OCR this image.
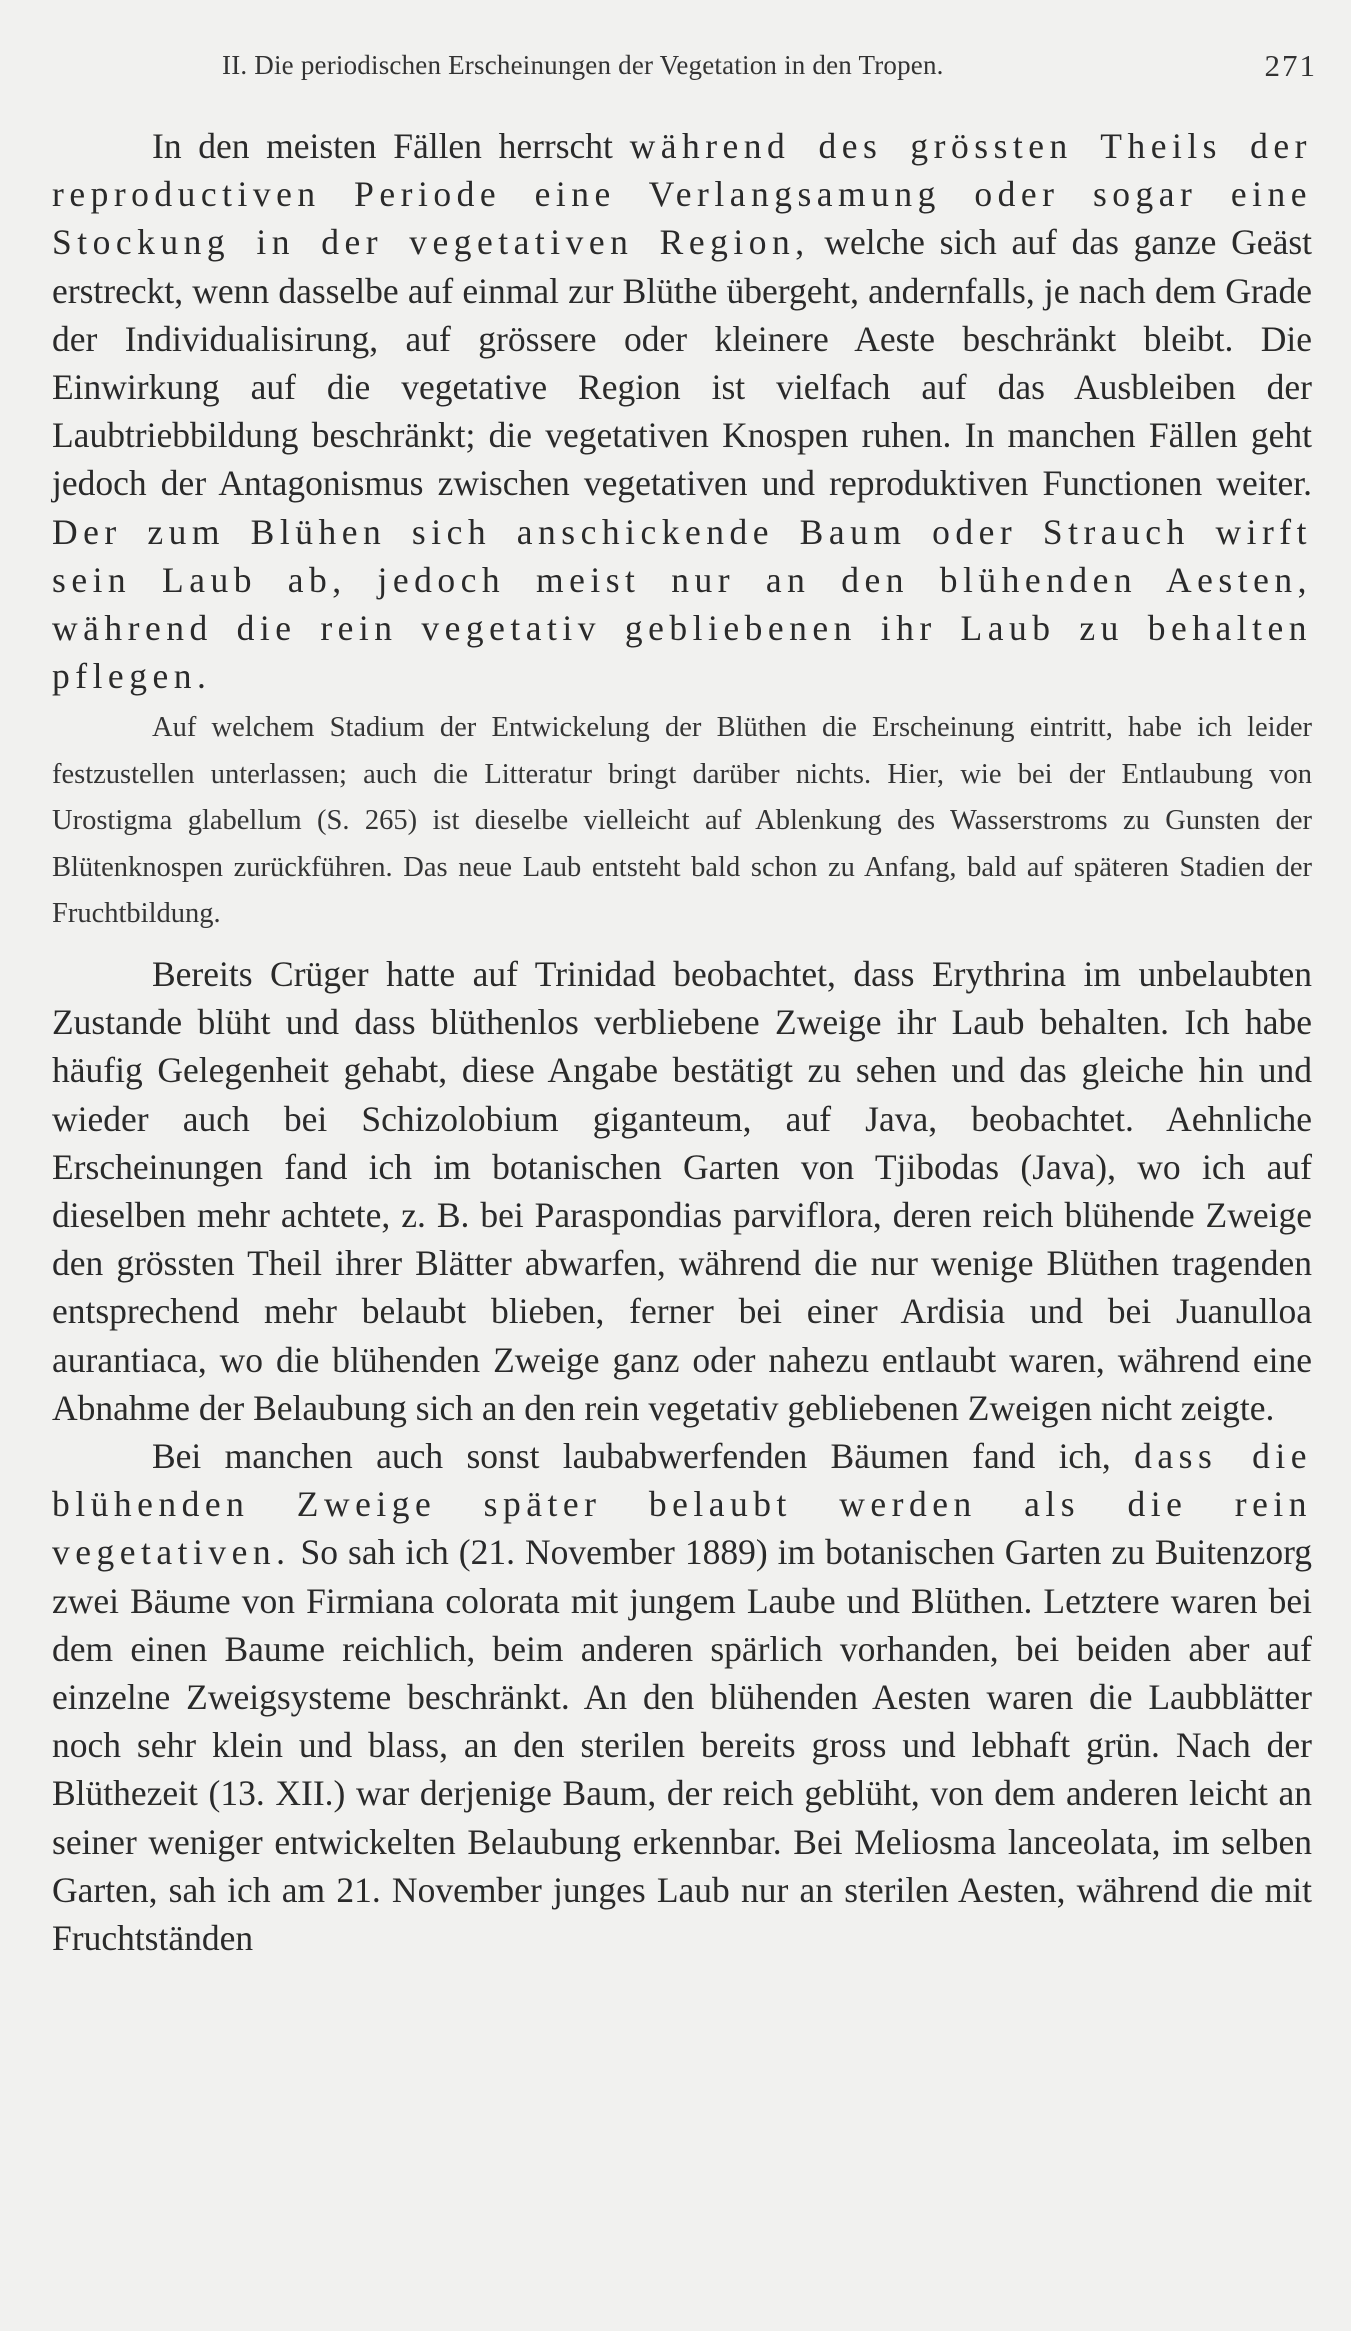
II. Die periodischen Erscheinungen der Vegetation in den Tropen.	271

In den meisten Fällen herrscht während des grössten Theils der reproductiven Periode eine Verlangsamung oder sogar eine Stockung in der vegetativen Region, welche sich auf das ganze Geäst erstreckt, wenn dasselbe auf einmal zur Blüthe übergeht, andernfalls, je nach dem Grade der Individualisirung, auf grössere oder kleinere Aeste beschränkt bleibt. Die Einwirkung auf die vegetative Region ist vielfach auf das Ausbleiben der Laubtriebbildung beschränkt; die vegetativen Knospen ruhen. In manchen Fällen geht jedoch der Antagonismus zwischen vegetativen und reproduktiven Functionen weiter. Der zum Blühen sich anschickende Baum oder Strauch wirft sein Laub ab, jedoch meist nur an den blühenden Aesten, während die rein vegetativ gebliebenen ihr Laub zu behalten pflegen.

Auf welchem Stadium der Entwickelung der Blüthen die Erscheinung eintritt, habe ich leider festzustellen unterlassen; auch die Litteratur bringt darüber nichts. Hier, wie bei der Entlaubung von Urostigma glabellum (S. 265) ist dieselbe vielleicht auf Ablenkung des Wasserstroms zu Gunsten der Blütenknospen zurückführen. Das neue Laub entsteht bald schon zu Anfang, bald auf späteren Stadien der Fruchtbildung.

Bereits Crüger hatte auf Trinidad beobachtet, dass Erythrina im unbelaubten Zustande blüht und dass blüthenlos verbliebene Zweige ihr Laub behalten. Ich habe häufig Gelegenheit gehabt, diese Angabe bestätigt zu sehen und das gleiche hin und wieder auch bei Schizolobium giganteum, auf Java, beobachtet. Aehnliche Erscheinungen fand ich im botanischen Garten von Tjibodas (Java), wo ich auf dieselben mehr achtete, z. B. bei Paraspondias parviflora, deren reich blühende Zweige den grössten Theil ihrer Blätter abwarfen, während die nur wenige Blüthen tragenden entsprechend mehr belaubt blieben, ferner bei einer Ardisia und bei Juanulloa aurantiaca, wo die blühenden Zweige ganz oder nahezu entlaubt waren, während eine Abnahme der Belaubung sich an den rein vegetativ gebliebenen Zweigen nicht zeigte.

Bei manchen auch sonst laubabwerfenden Bäumen fand ich, dass die blühenden Zweige später belaubt werden als die rein vegetativen. So sah ich (21. November 1889) im botanischen Garten zu Buitenzorg zwei Bäume von Firmiana colorata mit jungem Laube und Blüthen. Letztere waren bei dem einen Baume reichlich, beim anderen spärlich vorhanden, bei beiden aber auf einzelne Zweigsysteme beschränkt. An den blühenden Aesten waren die Laubblätter noch sehr klein und blass, an den sterilen bereits gross und lebhaft grün. Nach der Blüthezeit (13. XII.) war derjenige Baum, der reich geblüht, von dem anderen leicht an seiner weniger entwickelten Belaubung erkennbar. Bei Meliosma lanceolata, im selben Garten, sah ich am 21. November junges Laub nur an sterilen Aesten, während die mit Fruchtständen
